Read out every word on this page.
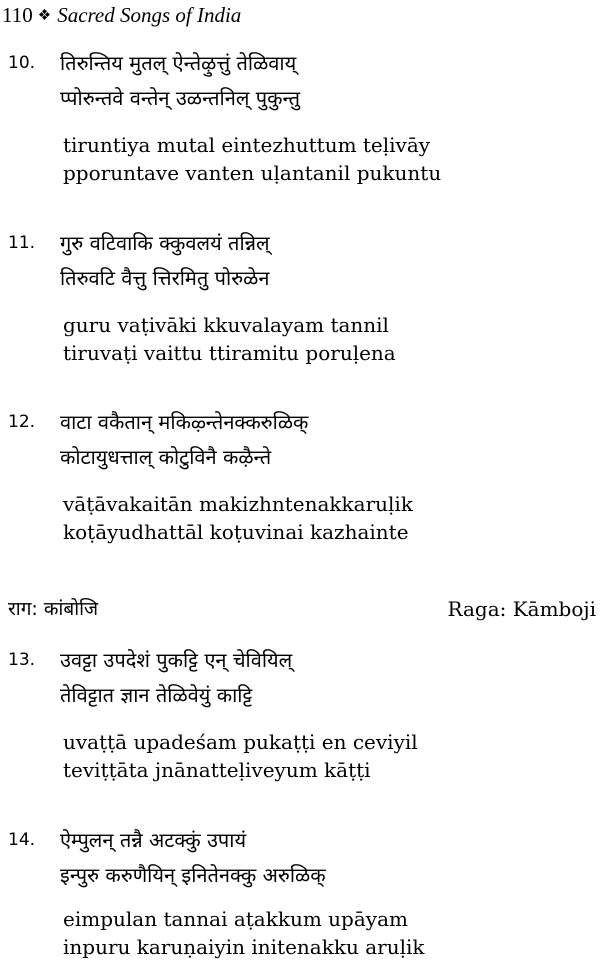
110 ❖ Sacred Songs of India
10. तिरुन्तिय मुतल् ऐन्तेऴुत्तुं तेळिवाय्
प्पोरुन्तवे वन्तेन् उळन्तनिल् पुकुन्तु
tiruntiya mutal eintezhuttum teḷivāy
pporuntave vanten uḷantanil pukuntu
11. गुरु वटिवाकि क्कुवलयं तन्निल्
तिरुवटि वैत्तु त्तिरमितु पोरुळेन
guru vaṭivāki kkuvalayam tannil
tiruvaṭi vaittu ttiramitu poruḷena
12. वाटा वकैतान् मकिऴ्न्तेनक्करुळिक्
कोटायुधत्ताल् कोटुविनै कऴैन्ते
vāṭāvakaitān makizhntenakkaruḷik
koṭāyudhattāl koṭuvinai kazhainte
राग: कांबोजि	Raga: Kāmboji
13. उवट्टा उपदेशं पुकट्टि एन् चेवियिल्
तेविट्टात ज्ञान तेळिवेयुं काट्टि
uvaṭṭā upadeśam pukaṭṭi en ceviyil
teviṭṭāta jnānatteḷiveyum kāṭṭi
14. ऐम्पुलन् तन्नै अटक्कुं उपायं
इन्पुरु करुणैयिन् इनितेनक्कु अरुळिक्
eimpulan tannai aṭakkum upāyam
inpuru karuṇaiyin initenakku aruḷik
